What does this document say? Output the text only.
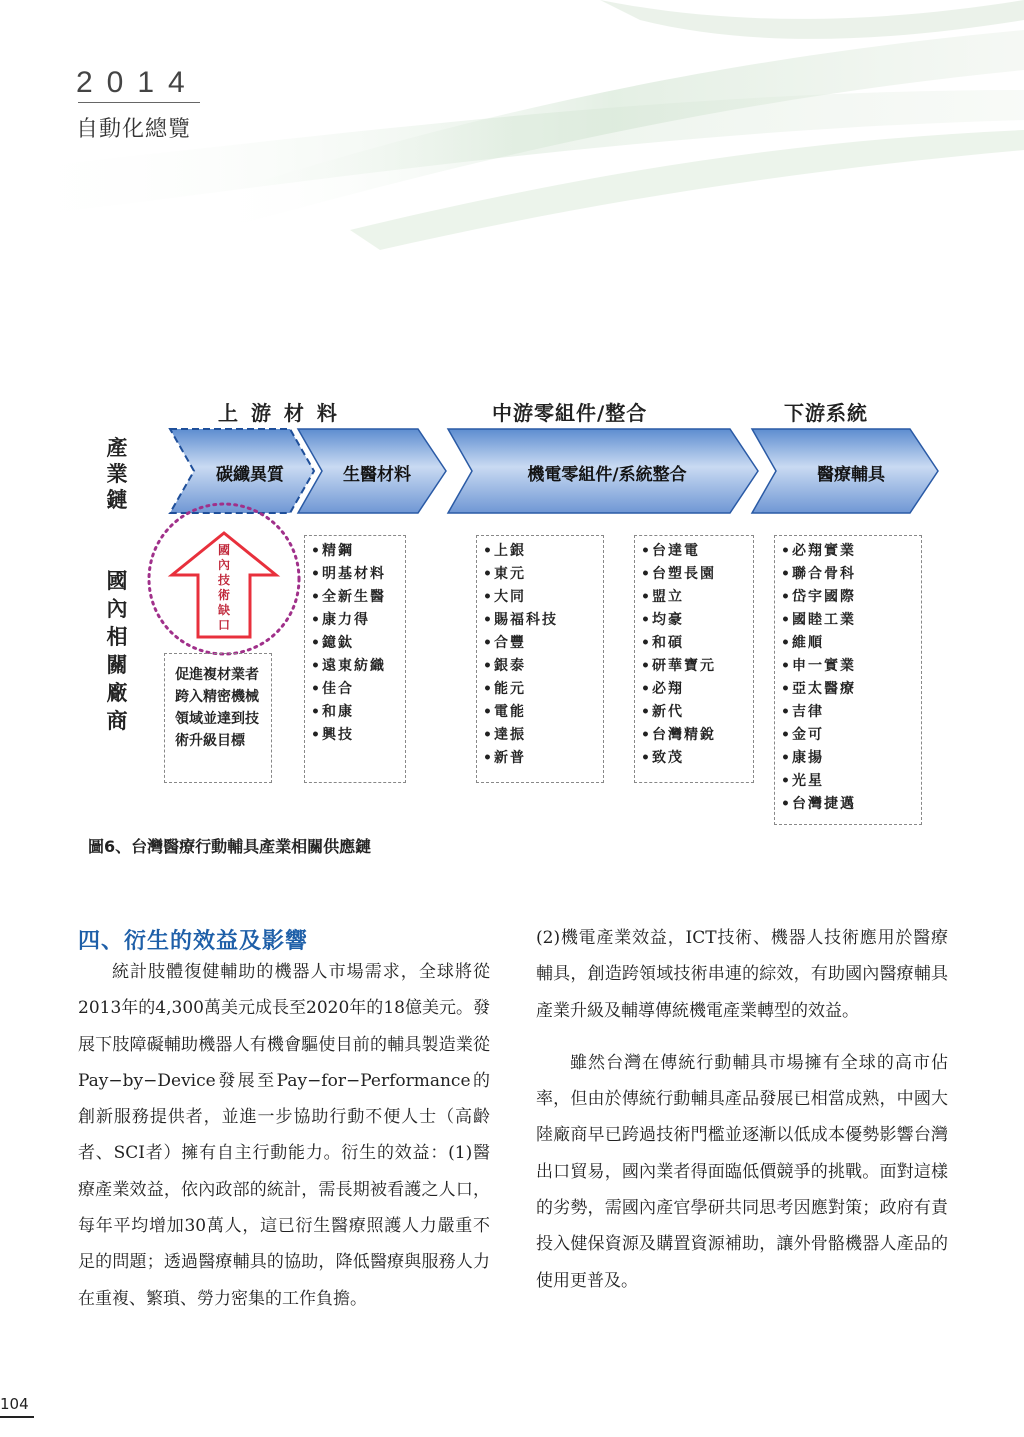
2014
自動化總覽
上 游 材 料	中游零組件/整合	下游系統
產業鏈
國內相關廠商
碳纖異質	生醫材料	機電零組件/系統整合	醫療輔具
國內技術缺口
促進複材業者跨入精密機械領域並達到技術升級目標
•精鋼
•明基材料
•全新生醫
•康力得
•鐿鈦
•遠東紡織
•佳合
•和康
•興技
•上銀
•東元
•大同
•賜福科技
•合豐
•銀泰
•能元
•電能
•達振
•新普
•台達電
•台塑長園
•盟立
•均豪
•和碩
•研華寶元
•必翔
•新代
•台灣精銳
•致茂
•必翔實業
•聯合骨科
•岱宇國際
•國睦工業
•維順
•申一實業
•亞太醫療
•吉律
•金可
•康揚
•光星
•台灣捷邁
圖6、台灣醫療行動輔具產業相關供應鏈
四、衍生的效益及影響

統計肢體復健輔助的機器人市場需求，全球將從2013年的4,300萬美元成長至2020年的18億美元。發展下肢障礙輔助機器人有機會驅使目前的輔具製造業從Pay−by−Device發展至Pay−for−Performance的創新服務提供者，並進一步協助行動不便人士（高齡者、SCI者）擁有自主行動能力。衍生的效益：(1)醫療產業效益，依內政部的統計，需長期被看護之人口，每年平均增加30萬人，這已衍生醫療照護人力嚴重不足的問題；透過醫療輔具的協助，降低醫療與服務人力在重複、繁瑣、勞力密集的工作負擔。

(2)機電產業效益，ICT技術、機器人技術應用於醫療輔具，創造跨領域技術串連的綜效，有助國內醫療輔具產業升級及輔導傳統機電產業轉型的效益。

雖然台灣在傳統行動輔具市場擁有全球的高市佔率，但由於傳統行動輔具產品發展已相當成熟，中國大陸廠商早已跨過技術門檻並逐漸以低成本優勢影響台灣出口貿易，國內業者得面臨低價競爭的挑戰。面對這樣的劣勢，需國內產官學研共同思考因應對策；政府有責投入健保資源及購置資源補助，讓外骨骼機器人產品的使用更普及。

104
